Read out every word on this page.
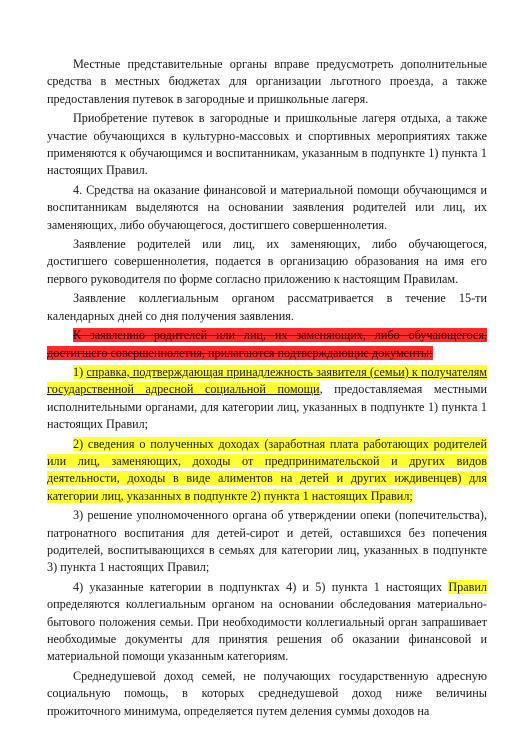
Местные представительные органы вправе предусмотреть дополнительные средства в местных бюджетах для организации льготного проезда, а также предоставления путевок в загородные и пришкольные лагеря.

Приобретение путевок в загородные и пришкольные лагеря отдыха, а также участие обучающихся в культурно-массовых и спортивных мероприятиях также применяются к обучающимся и воспитанникам, указанным в подпункте 1) пункта 1 настоящих Правил.

4. Средства на оказание финансовой и материальной помощи обучающимся и воспитанникам выделяются на основании заявления родителей или лиц, их заменяющих, либо обучающегося, достигшего совершеннолетия.

Заявление родителей или лиц, их заменяющих, либо обучающегося, достигшего совершеннолетия, подается в организацию образования на имя его первого руководителя по форме согласно приложению к настоящим Правилам.

Заявление коллегиальным органом рассматривается в течение 15-ти календарных дней со дня получения заявления.

К заявлению родителей или лиц, их заменяющих, либо обучающегося, достигшего совершеннолетия, прилагаются подтверждающие документы:

1) справка, подтверждающая принадлежность заявителя (семьи) к получателям государственной адресной социальной помощи, предоставляемая местными исполнительными органами, для категории лиц, указанных в подпункте 1) пункта 1 настоящих Правил;

2) сведения о полученных доходах (заработная плата работающих родителей или лиц, заменяющих, доходы от предпринимательской и других видов деятельности, доходы в виде алиментов на детей и других иждивенцев) для категории лиц, указанных в подпункте 2) пункта 1 настоящих Правил;

3) решение уполномоченного органа об утверждении опеки (попечительства), патронатного воспитания для детей-сирот и детей, оставшихся без попечения родителей, воспитывающихся в семьях для категории лиц, указанных в подпункте 3) пункта 1 настоящих Правил;

4) указанные категории в подпунктах 4) и 5) пункта 1 настоящих Правил определяются коллегиальным органом на основании обследования материально-бытового положения семьи. При необходимости коллегиальный орган запрашивает необходимые документы для принятия решения об оказании финансовой и материальной помощи указанным категориям.

Среднедушевой доход семей, не получающих государственную адресную социальную помощь, в которых среднедушевой доход ниже величины прожиточного минимума, определяется путем деления суммы доходов на
